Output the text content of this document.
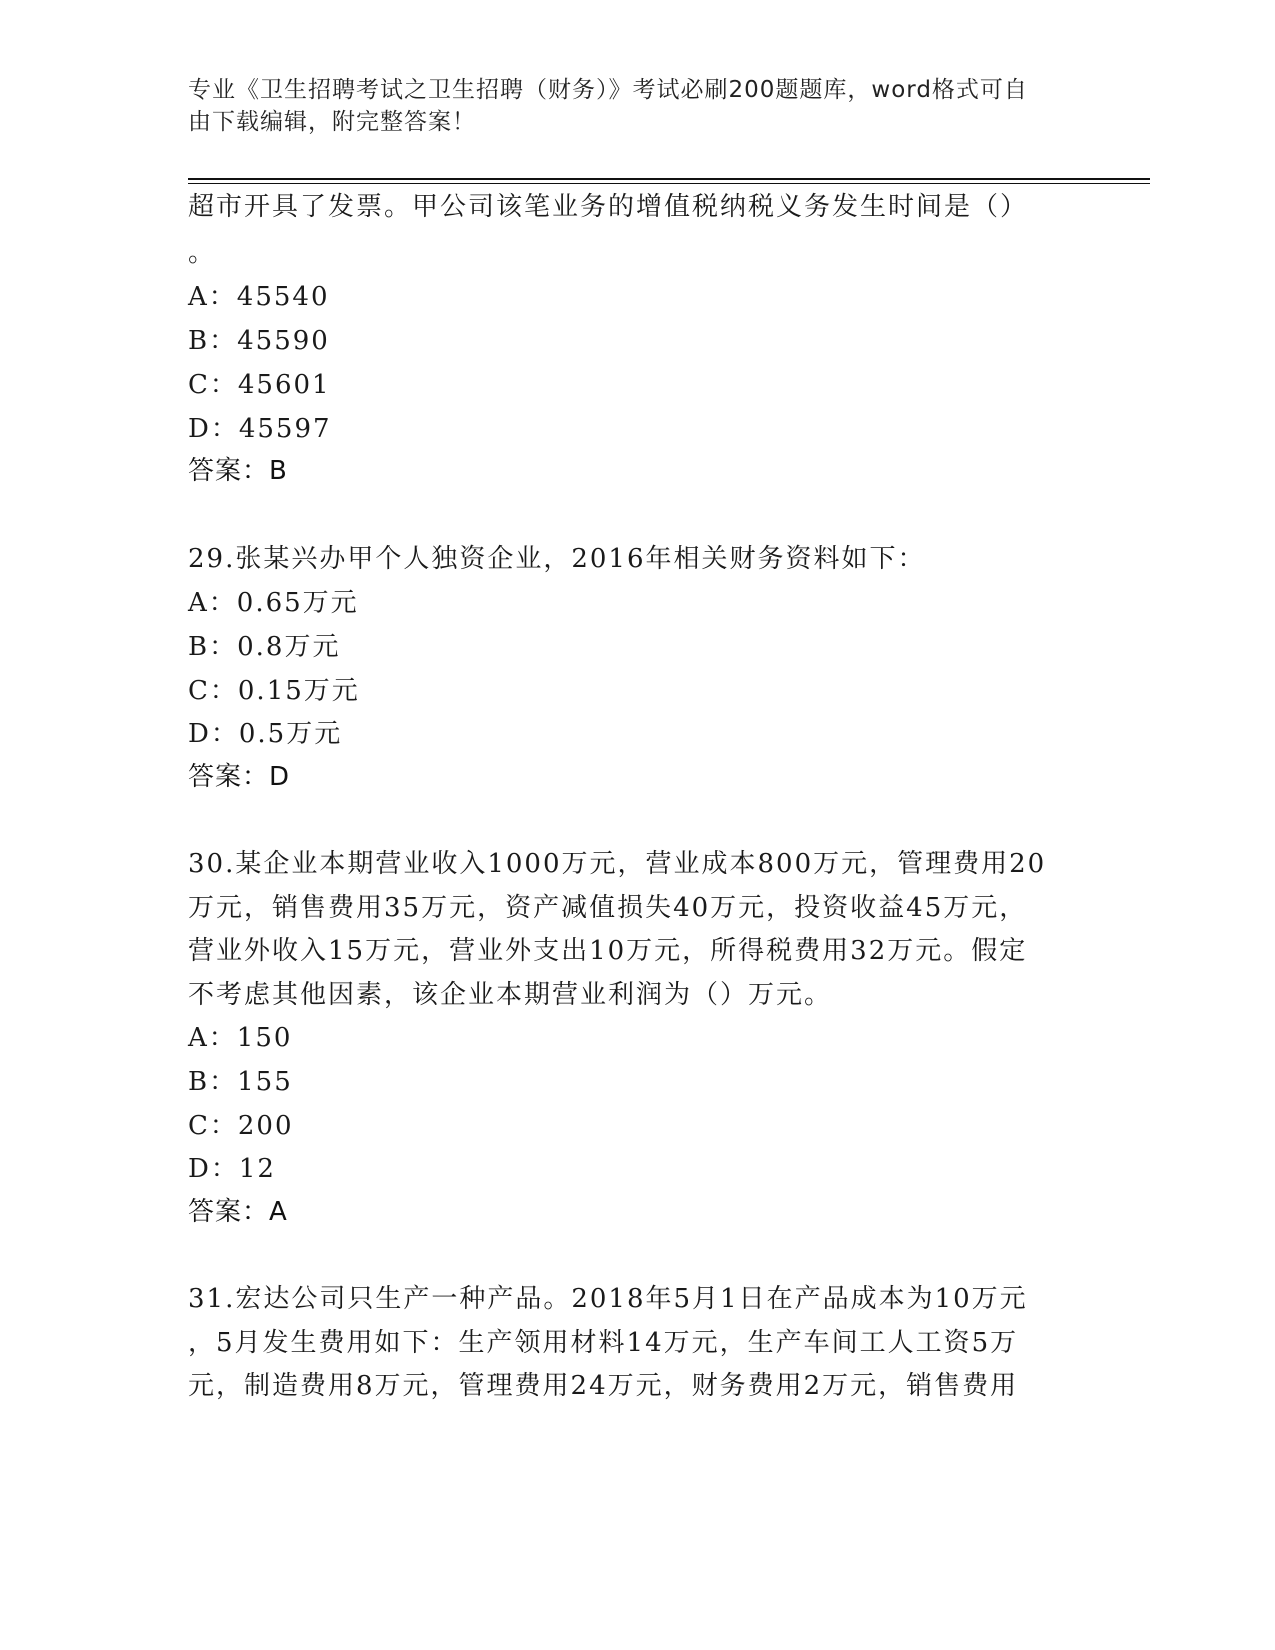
专业《卫生招聘考试之卫生招聘（财务）》考试必刷200题题库，word格式可自
由下载编辑，附完整答案！
超市开具了发票。甲公司该笔业务的增值税纳税义务发生时间是（）
。
A：45540
B：45590
C：45601
D：45597
答案：B
29.张某兴办甲个人独资企业，2016年相关财务资料如下：
A：0.65万元
B：0.8万元
C：0.15万元
D：0.5万元
答案：D
30.某企业本期营业收入1000万元，营业成本800万元，管理费用20
万元，销售费用35万元，资产减值损失40万元，投资收益45万元，
营业外收入15万元，营业外支出10万元，所得税费用32万元。假定
不考虑其他因素，该企业本期营业利润为（）万元。
A：150
B：155
C：200
D：12
答案：A
31.宏达公司只生产一种产品。2018年5月1日在产品成本为10万元
，5月发生费用如下：生产领用材料14万元，生产车间工人工资5万
元，制造费用8万元，管理费用24万元，财务费用2万元，销售费用
